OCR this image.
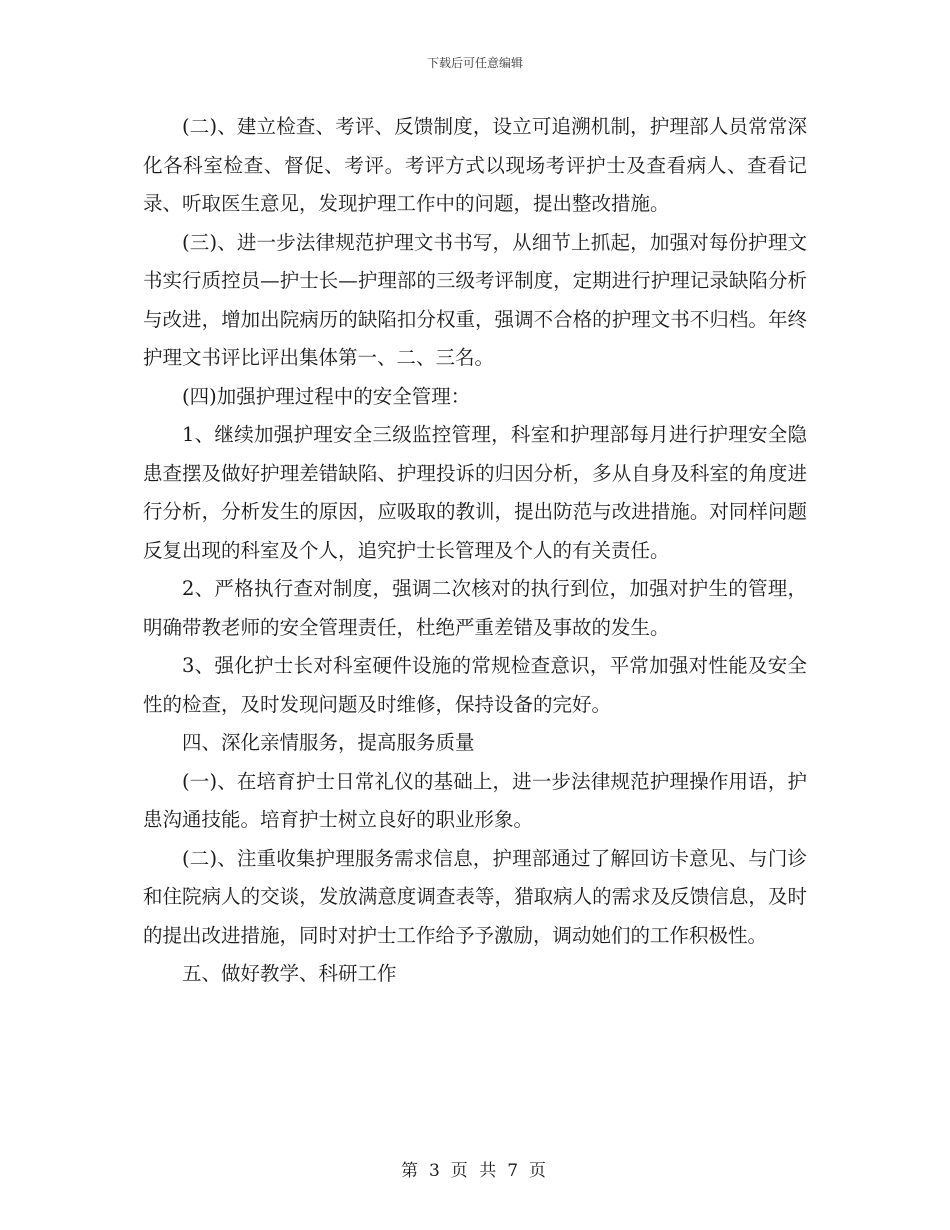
下载后可任意编辑

(二)、建立检查、考评、反馈制度，设立可追溯机制，护理部人员常常深化各科室检查、督促、考评。考评方式以现场考评护士及查看病人、查看记录、听取医生意见，发现护理工作中的问题，提出整改措施。

(三)、进一步法律规范护理文书书写，从细节上抓起，加强对每份护理文书实行质控员—护士长—护理部的三级考评制度，定期进行护理记录缺陷分析与改进，增加出院病历的缺陷扣分权重，强调不合格的护理文书不归档。年终护理文书评比评出集体第一、二、三名。

(四)加强护理过程中的安全管理：

1、继续加强护理安全三级监控管理，科室和护理部每月进行护理安全隐患查摆及做好护理差错缺陷、护理投诉的归因分析，多从自身及科室的角度进行分析，分析发生的原因，应吸取的教训，提出防范与改进措施。对同样问题反复出现的科室及个人，追究护士长管理及个人的有关责任。

2、严格执行查对制度，强调二次核对的执行到位，加强对护生的管理，明确带教老师的安全管理责任，杜绝严重差错及事故的发生。

3、强化护士长对科室硬件设施的常规检查意识，平常加强对性能及安全性的检查，及时发现问题及时维修，保持设备的完好。

四、深化亲情服务，提高服务质量

(一)、在培育护士日常礼仪的基础上，进一步法律规范护理操作用语，护患沟通技能。培育护士树立良好的职业形象。

(二)、注重收集护理服务需求信息，护理部通过了解回访卡意见、与门诊和住院病人的交谈，发放满意度调查表等，猎取病人的需求及反馈信息，及时的提出改进措施，同时对护士工作给予予激励，调动她们的工作积极性。

五、做好教学、科研工作

第 3 页 共 7 页
